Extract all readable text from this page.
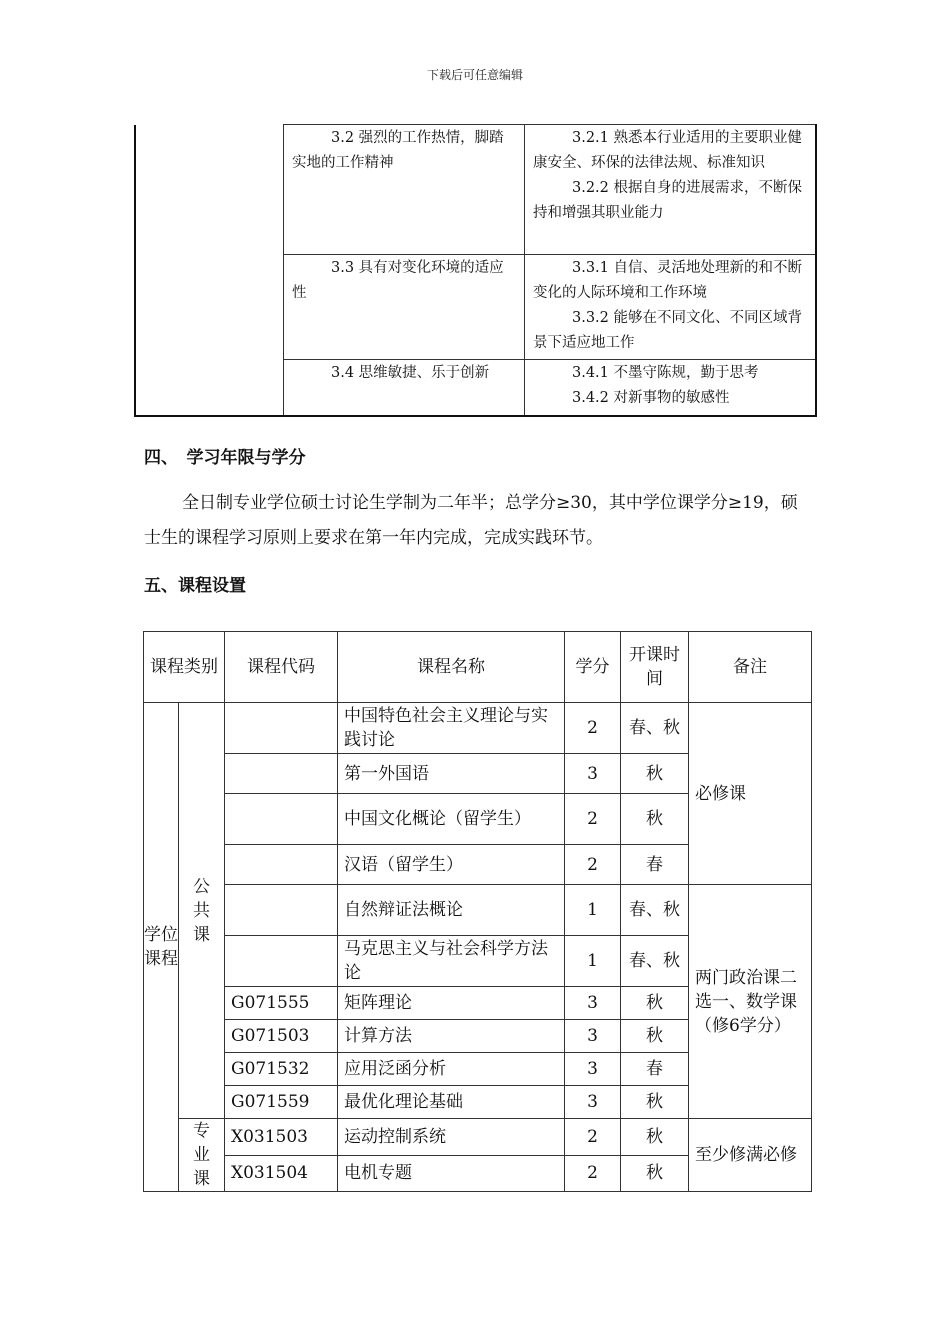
下载后可任意编辑

	3.2 强烈的工作热情，脚踏实地的工作精神	3.2.1 熟悉本行业适用的主要职业健康安全、环保的法律法规、标准知识

3.2.2 根据自身的进展需求，不断保持和增强其职业能力

	3.3 具有对变化环境的适应性	3.3.1 自信、灵活地处理新的和不断变化的人际环境和工作环境

3.3.2 能够在不同文化、不同区域背景下适应地工作

	3.4 思维敏捷、乐于创新	3.4.1 不墨守陈规，勤于思考

3.4.2 对新事物的敏感性

四、　学习年限与学分

全日制专业学位硕士讨论生学制为二年半；总学分≥30，其中学位课学分≥19，硕士生的课程学习原则上要求在第一年内完成，完成实践环节。

五、课程设置
课程类别		课程代码	课程名称	学分	开课时间	备注
学位课程	公共课		中国特色社会主义理论与实践讨论	2	春、秋	必修课
			第一外国语	3	秋	
			中国文化概论（留学生）	2	秋	
			汉语（留学生）	2	春	
			自然辩证法概论	1	春、秋	两门政治课二选一、数学课（修6学分）
			马克思主义与社会科学方法论	1	春、秋	
		G071555	矩阵理论	3	秋	
		G071503	计算方法	3	秋	
		G071532	应用泛函分析	3	春	
		G071559	最优化理论基础	3	秋	
	专业课	X031503	运动控制系统	2	秋	至少修满必修
		X031504	电机专题	2	秋	
